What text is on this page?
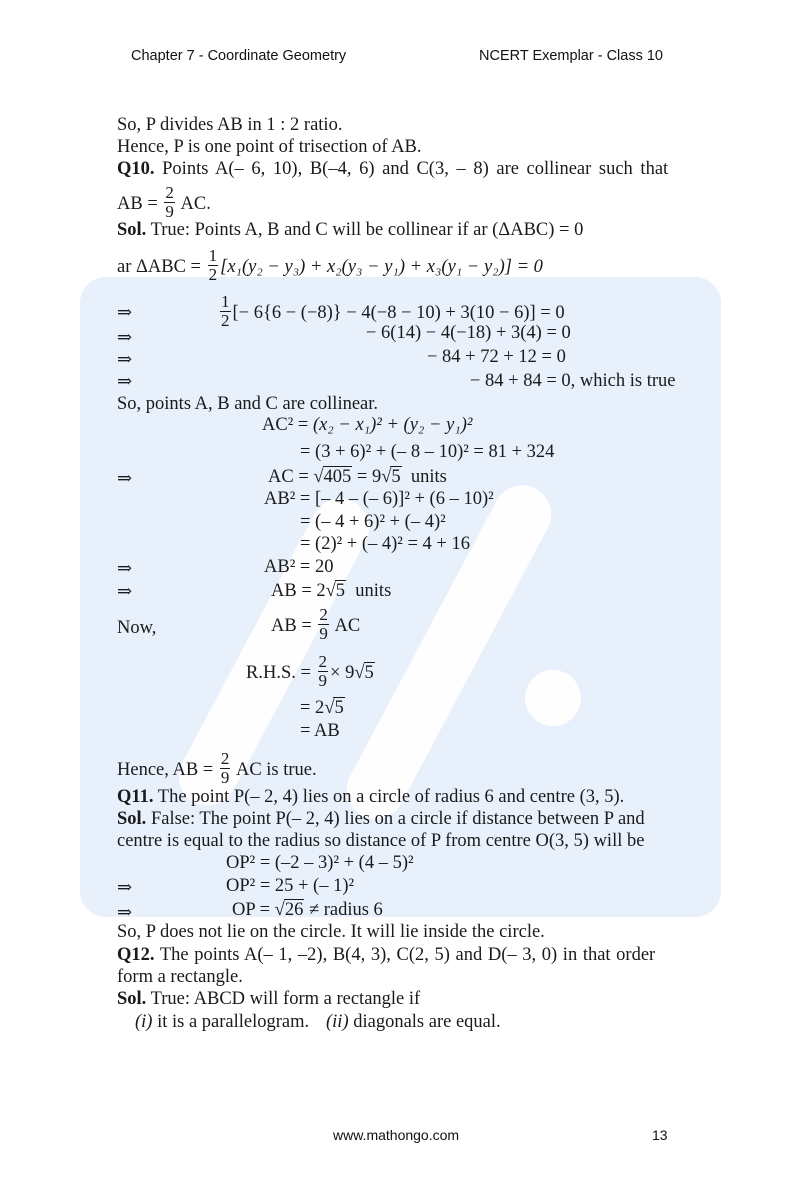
Chapter 7 - Coordinate Geometry	NCERT Exemplar - Class 10
So, P divides AB in 1 : 2 ratio.
Hence, P is one point of trisection of AB.
Q10. Points A(– 6, 10), B(–4, 6) and C(3, – 8) are collinear such that
AB = $\frac{2}{9}$ AC.
Sol. True: Points A, B and C will be collinear if ar (ΔABC) = 0
ar $\Delta ABC = \frac{1}{2} [x_1(y_2 - y_3) + x_2(y_3 - y_1) + x_3(y_1 - y_2)] = 0$
⇒	$\frac{1}{2}$ [− 6{6 − (−8)} − 4(−8 − 10) + 3(10 − 6)] = 0
⇒	− 6(14) − 4(−18) + 3(4) = 0
⇒	− 84 + 72 + 12 = 0
⇒	− 84 + 84 = 0, which is true
So, points A, B and C are collinear.
AC² = (x₂ − x₁)² + (y₂ − y₁)²
= (3 + 6)² + (– 8 – 10)² = 81 + 324
⇒	AC = √405 = 9√5 units
AB² = [– 4 – (– 6)]² + (6 – 10)²
= (– 4 + 6)² + (– 4)²
= (2)² + (– 4)² = 4 + 16
⇒	AB² = 20
⇒	AB = 2√5 units
Now,	AB = $\frac{2}{9}$ AC
R.H.S. = $\frac{2}{9} \times 9√5$
= 2√5
= AB
Hence, AB = $\frac{2}{9}$ AC is true.
Q11. The point P(– 2, 4) lies on a circle of radius 6 and centre (3, 5).
Sol. False: The point P(– 2, 4) lies on a circle if distance between P and
centre is equal to the radius so distance of P from centre O(3, 5) will be
OP² = (–2 – 3)² + (4 – 5)²
⇒	OP² = 25 + (– 1)²
⇒	OP = √26 ≠ radius 6
So, P does not lie on the circle. It will lie inside the circle.
Q12. The points A(– 1, –2), B(4, 3), C(2, 5) and D(– 3, 0) in that order
form a rectangle.
Sol. True: ABCD will form a rectangle if
(i) it is a parallelogram. (ii) diagonals are equal.
www.mathongo.com	13
